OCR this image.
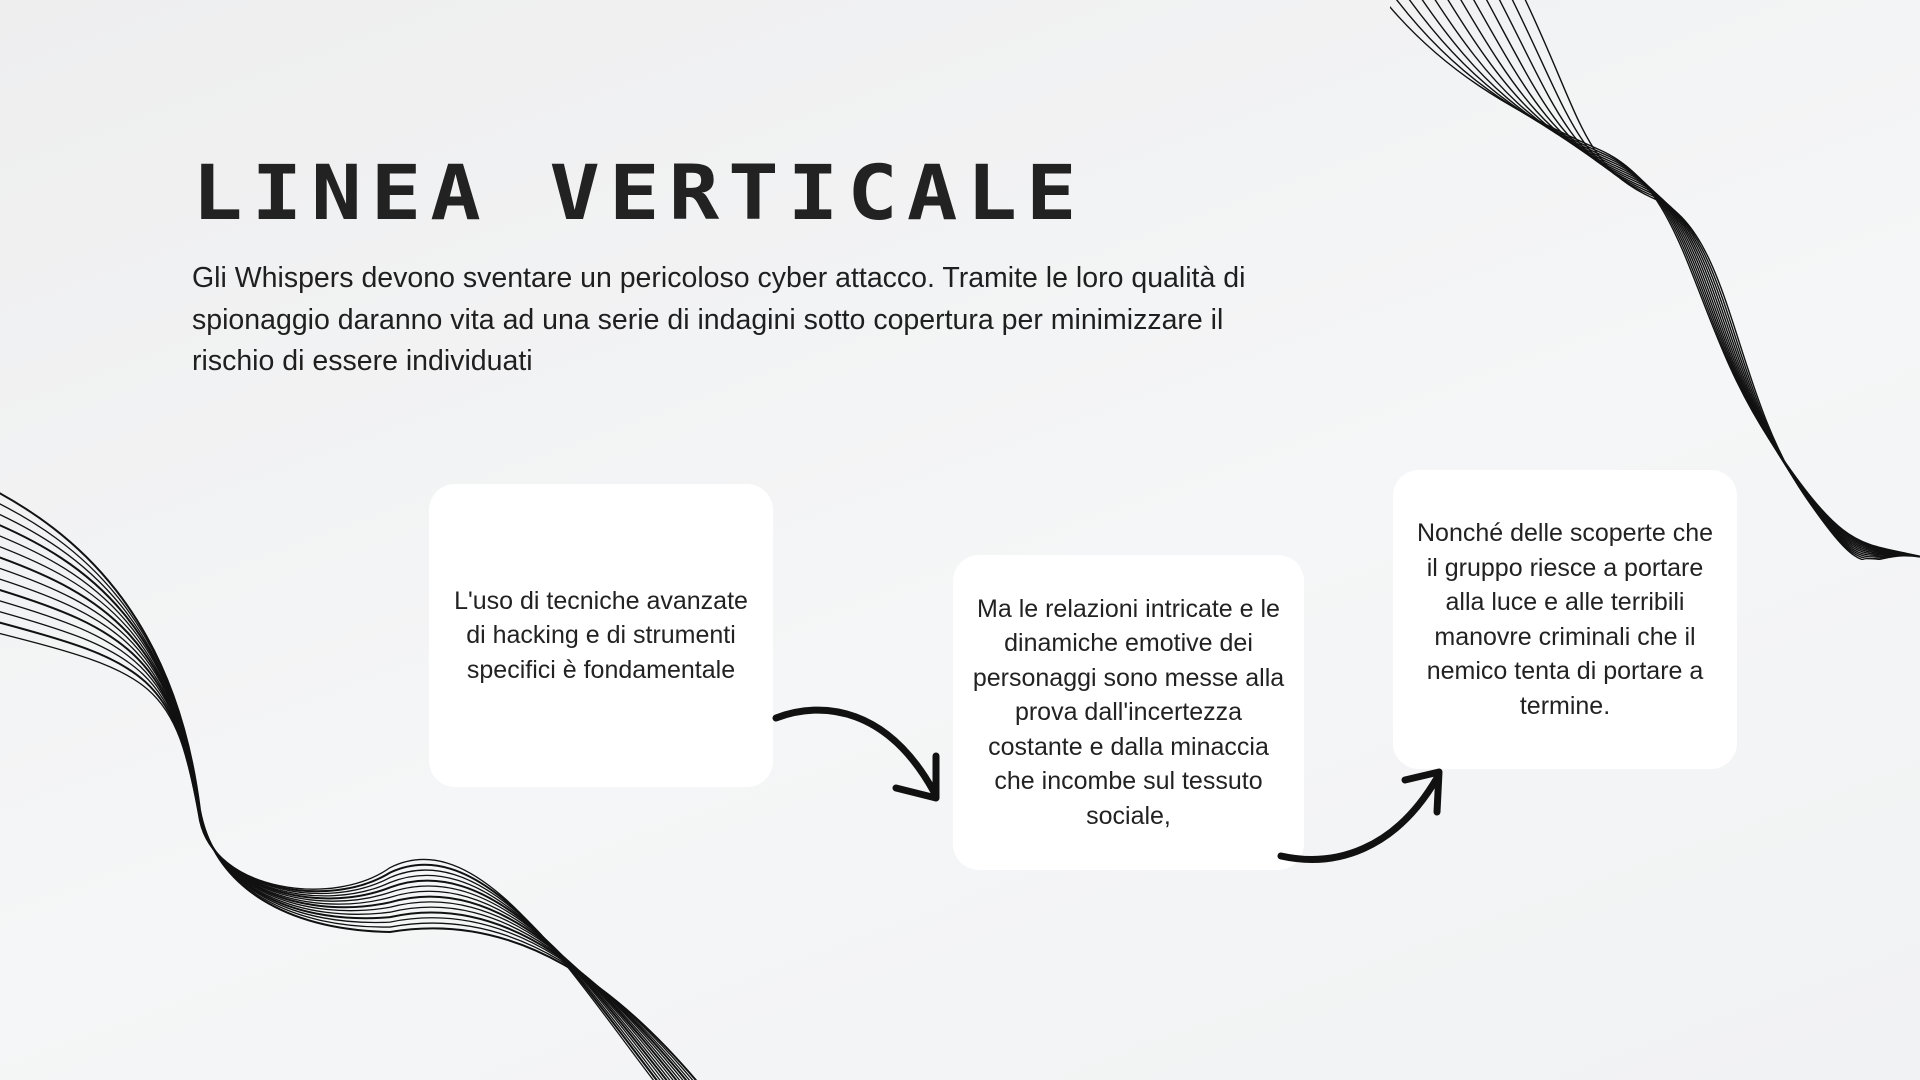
LINEA VERTICALE
Gli Whispers devono sventare un pericoloso cyber attacco. Tramite le loro qualità di spionaggio daranno vita ad una serie di indagini sotto copertura per minimizzare il rischio di essere individuati
L'uso di tecniche avanzate di hacking e di strumenti specifici è fondamentale
Ma le relazioni intricate e le dinamiche emotive dei personaggi sono messe alla prova dall'incertezza costante e dalla minaccia che incombe sul tessuto sociale,
Nonché delle scoperte che il gruppo riesce a portare alla luce e alle terribili manovre criminali che il nemico tenta di portare a termine.
